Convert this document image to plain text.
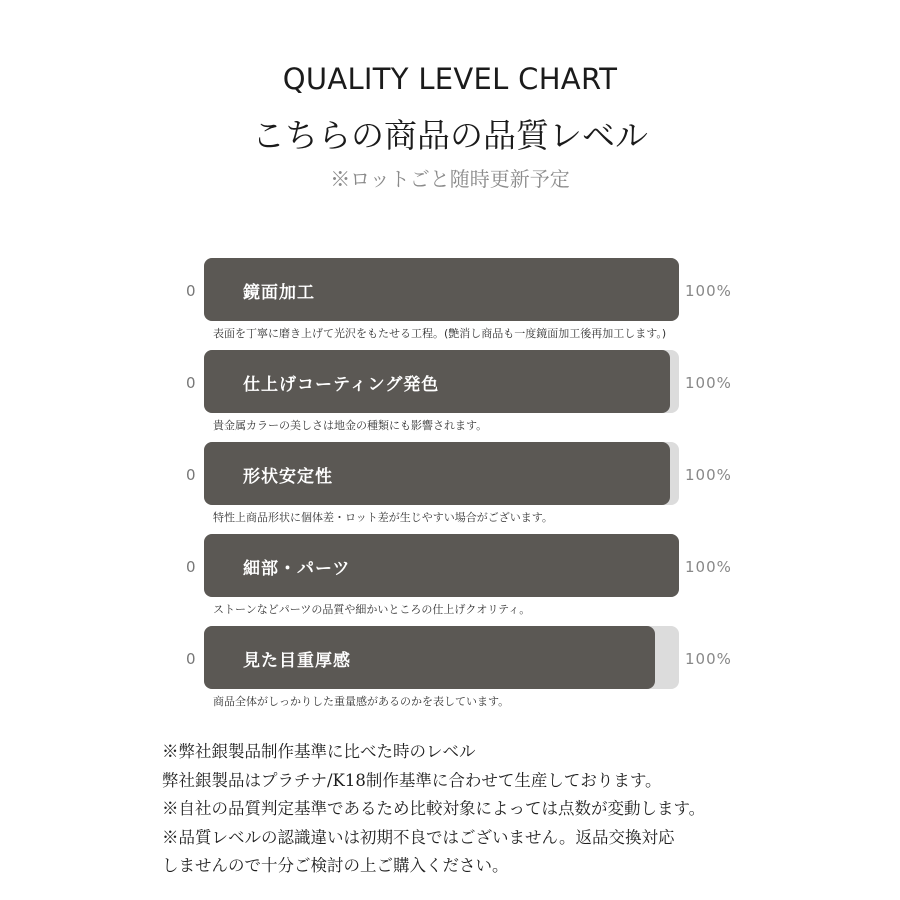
QUALITY LEVEL CHART
こちらの商品の品質レベル
※ロットごと随時更新予定
0	鏡面加工	100%
表面を丁寧に磨き上げて光沢をもたせる工程。(艶消し商品も一度鏡面加工後再加工します。)
0	仕上げコーティング発色	100%
貴金属カラーの美しさは地金の種類にも影響されます。
0	形状安定性	100%
特性上商品形状に個体差・ロット差が生じやすい場合がございます。
0	細部・パーツ	100%
ストーンなどパーツの品質や細かいところの仕上げクオリティ。
0	見た目重厚感	100%
商品全体がしっかりした重量感があるのかを表しています。
※弊社銀製品制作基準に比べた時のレベル
弊社銀製品はプラチナ/K18制作基準に合わせて生産しております。
※自社の品質判定基準であるため比較対象によっては点数が変動します。
※品質レベルの認識違いは初期不良ではございません。返品交換対応
しませんので十分ご検討の上ご購入ください。
